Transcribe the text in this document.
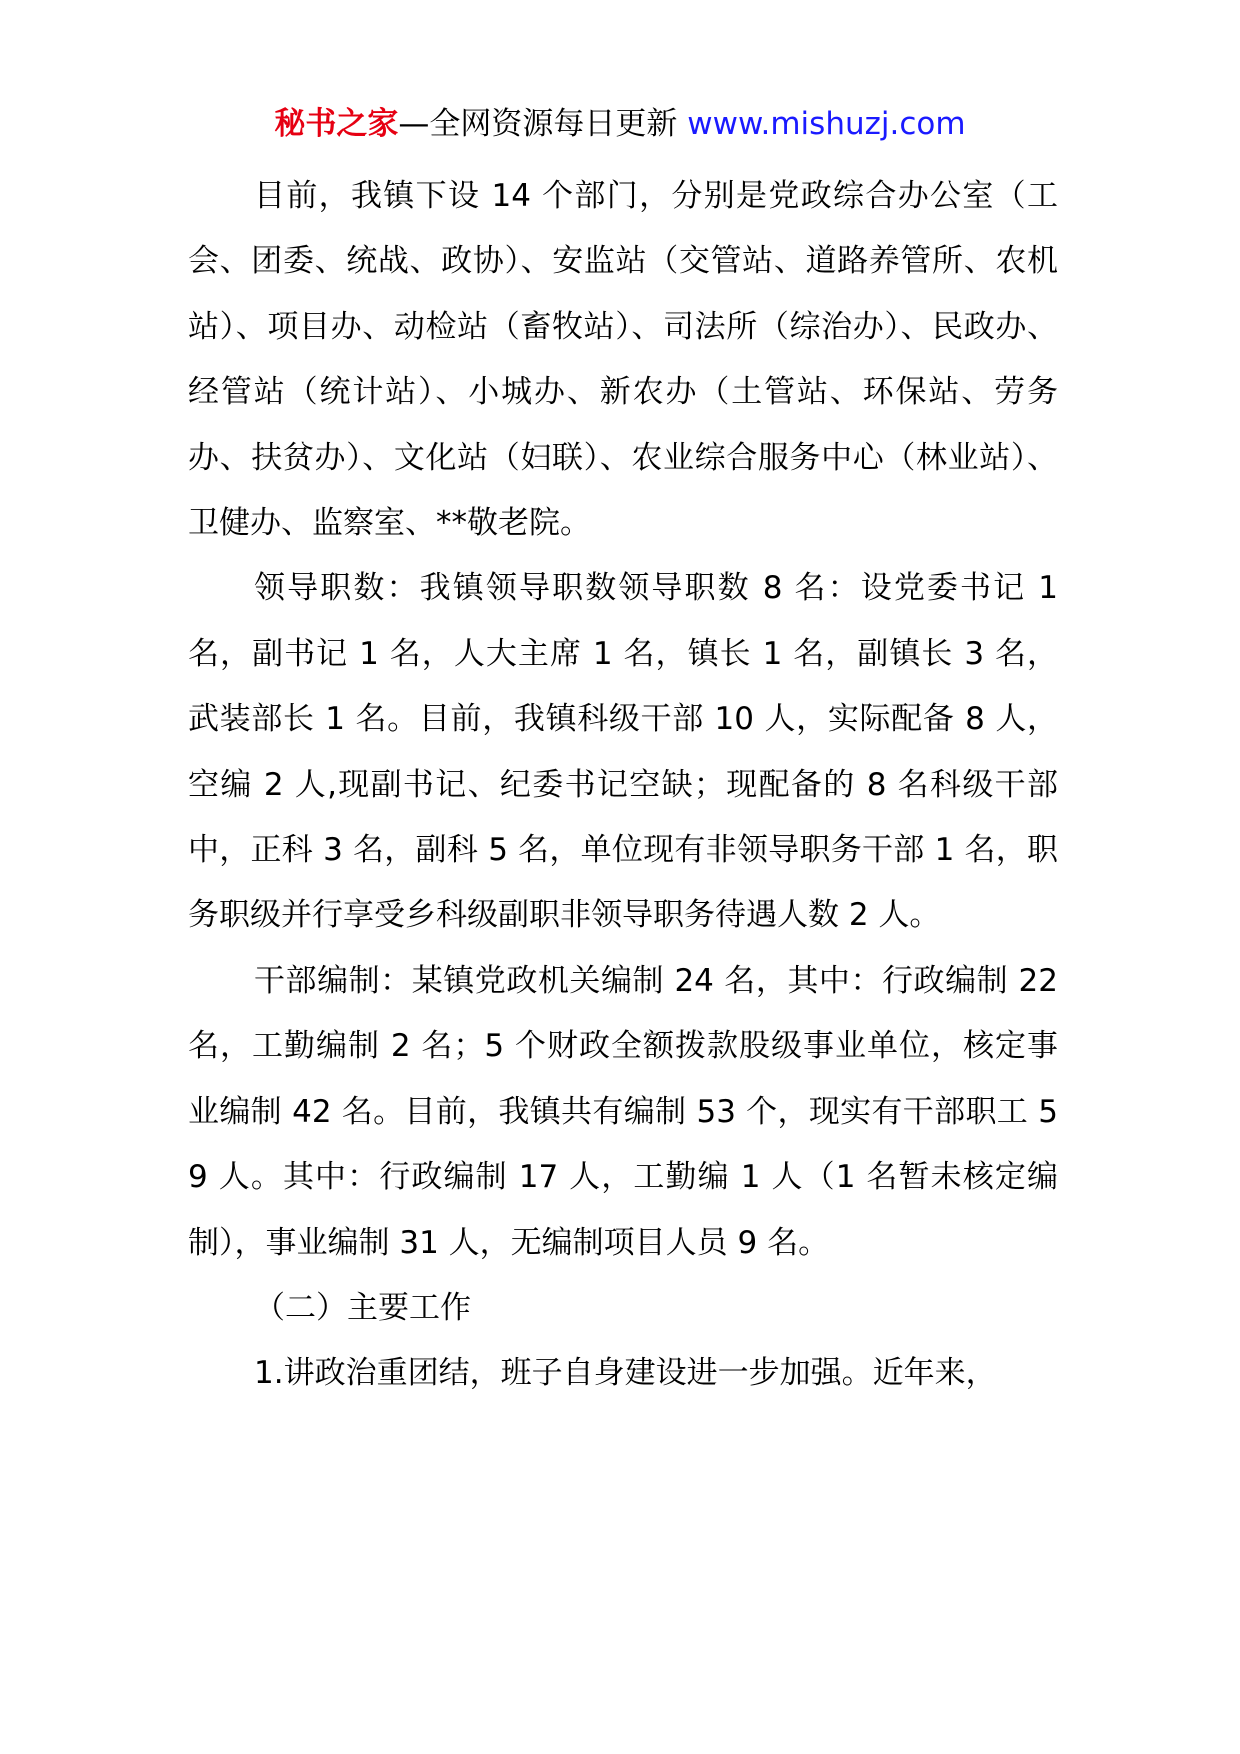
秘书之家—全网资源每日更新 www.mishuzj.com

目前，我镇下设 14 个部门，分别是党政综合办公室（工会、团委、统战、政协）、安监站（交管站、道路养管所、农机站）、项目办、动检站（畜牧站）、司法所（综治办）、民政办、经管站（统计站）、小城办、新农办（土管站、环保站、劳务办、扶贫办）、文化站（妇联）、农业综合服务中心（林业站）、卫健办、监察室、**敬老院。

领导职数：我镇领导职数领导职数 8 名：设党委书记 1 名，副书记 1 名，人大主席 1 名，镇长 1 名，副镇长 3 名，武装部长 1 名。目前，我镇科级干部 10 人，实际配备 8 人，空编 2 人,现副书记、纪委书记空缺；现配备的 8 名科级干部中，正科 3 名，副科 5 名，单位现有非领导职务干部 1 名，职务职级并行享受乡科级副职非领导职务待遇人数 2 人。

干部编制：某镇党政机关编制 24 名，其中：行政编制 22 名，工勤编制 2 名；5 个财政全额拨款股级事业单位，核定事业编制 42 名。目前，我镇共有编制 53 个，现实有干部职工 59 人。其中：行政编制 17 人，工勤编 1 人（1 名暂未核定编制），事业编制 31 人，无编制项目人员 9 名。

（二）主要工作

1.讲政治重团结，班子自身建设进一步加强。近年来，
